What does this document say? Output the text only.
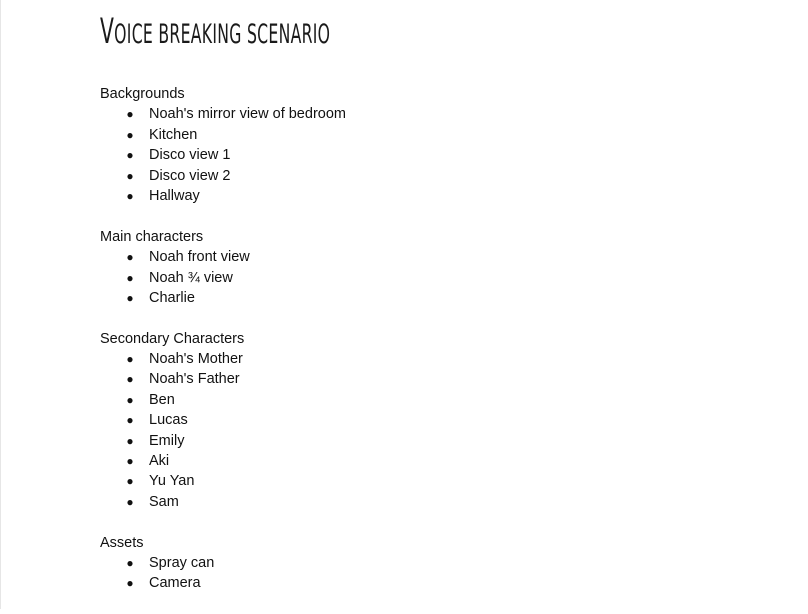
VOICE BREAKING SCENARIO

Backgrounds

● Noah's mirror view of bedroom
● Kitchen
● Disco view 1
● Disco view 2
● Hallway

Main characters

● Noah front view
● Noah ¾ view
● Charlie

Secondary Characters

● Noah's Mother
● Noah's Father
● Ben
● Lucas
● Emily
● Aki
● Yu Yan
● Sam

Assets

● Spray can
● Camera
